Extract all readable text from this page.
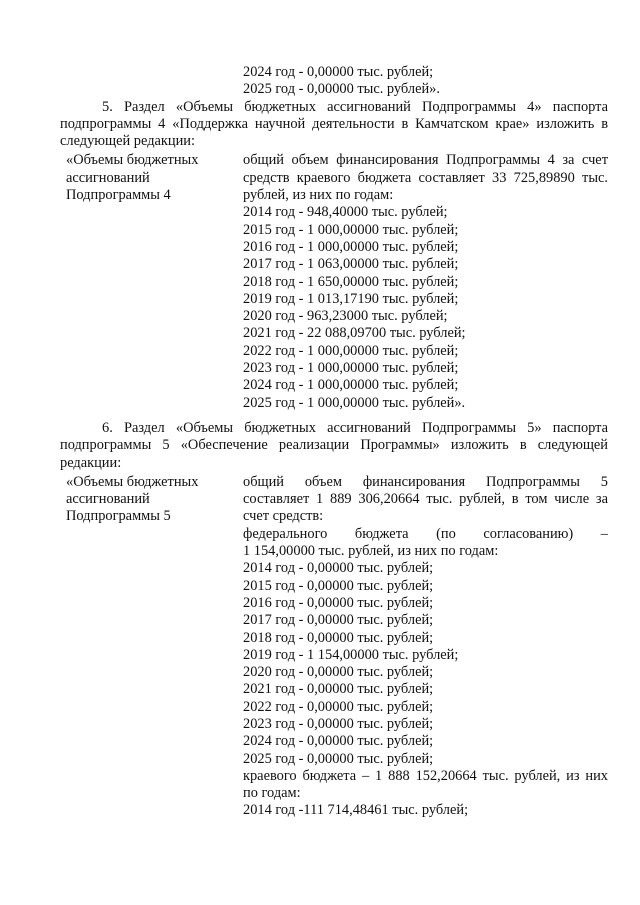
2024 год - 0,00000 тыс. рублей;
2025 год - 0,00000 тыс. рублей».

5. Раздел «Объемы бюджетных ассигнований Подпрограммы 4» паспорта подпрограммы 4 «Поддержка научной деятельности в Камчатском крае» изложить в следующей редакции:

«Объемы бюджетных
ассигнований
Подпрограммы 4
общий объем финансирования Подпрограммы 4 за счет
средств краевого бюджета составляет 33 725,89890 тыс.
рублей, из них по годам:
2014 год - 948,40000 тыс. рублей;
2015 год - 1 000,00000 тыс. рублей;
2016 год - 1 000,00000 тыс. рублей;
2017 год - 1 063,00000 тыс. рублей;
2018 год - 1 650,00000 тыс. рублей;
2019 год - 1 013,17190 тыс. рублей;
2020 год - 963,23000 тыс. рублей;
2021 год - 22 088,09700 тыс. рублей;
2022 год - 1 000,00000 тыс. рублей;
2023 год - 1 000,00000 тыс. рублей;
2024 год - 1 000,00000 тыс. рублей;
2025 год - 1 000,00000 тыс. рублей».

6. Раздел «Объемы бюджетных ассигнований Подпрограммы 5» паспорта подпрограммы 5 «Обеспечение реализации Программы» изложить в следующей редакции:

«Объемы бюджетных
ассигнований
Подпрограммы 5
общий объем финансирования Подпрограммы 5
составляет 1 889 306,20664 тыс. рублей, в том числе за
счет средств:
федерального бюджета (по согласованию) –
1 154,00000 тыс. рублей, из них по годам:
2014 год - 0,00000 тыс. рублей;
2015 год - 0,00000 тыс. рублей;
2016 год - 0,00000 тыс. рублей;
2017 год - 0,00000 тыс. рублей;
2018 год - 0,00000 тыс. рублей;
2019 год - 1 154,00000 тыс. рублей;
2020 год - 0,00000 тыс. рублей;
2021 год - 0,00000 тыс. рублей;
2022 год - 0,00000 тыс. рублей;
2023 год - 0,00000 тыс. рублей;
2024 год - 0,00000 тыс. рублей;
2025 год - 0,00000 тыс. рублей;
краевого бюджета – 1 888 152,20664 тыс. рублей, из них
по годам:
2014 год -111 714,48461 тыс. рублей;
